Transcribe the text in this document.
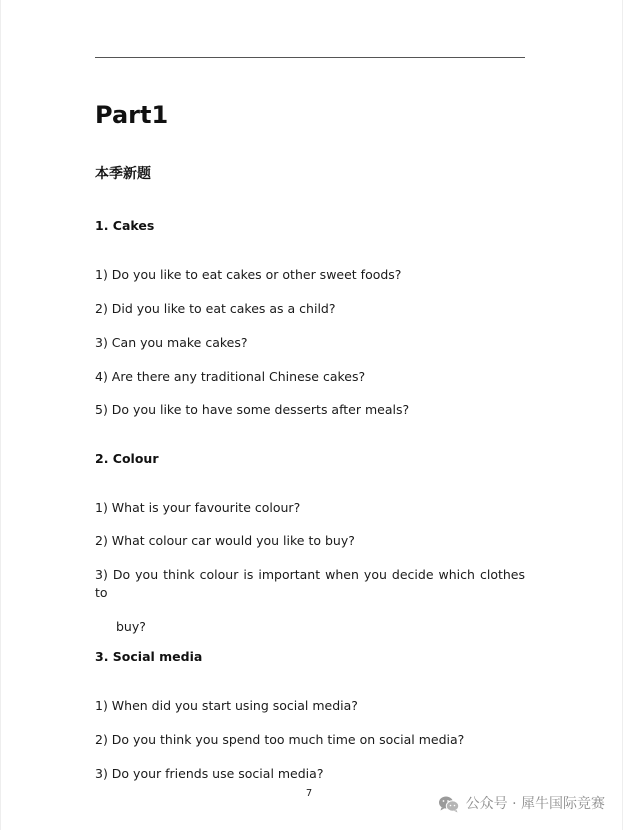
Part1
本季新题
1. Cakes

1) Do you like to eat cakes or other sweet foods?

2) Did you like to eat cakes as a child?

3) Can you make cakes?

4) Are there any traditional Chinese cakes?

5) Do you like to have some desserts after meals?

2. Colour

1) What is your favourite colour?

2) What colour car would you like to buy?

3) Do you think colour is important when you decide which clothes to
buy?
3. Social media

1) When did you start using social media?

2) Do you think you spend too much time on social media?

3) Do your friends use social media?

7
公众号 · 犀牛国际竞赛
